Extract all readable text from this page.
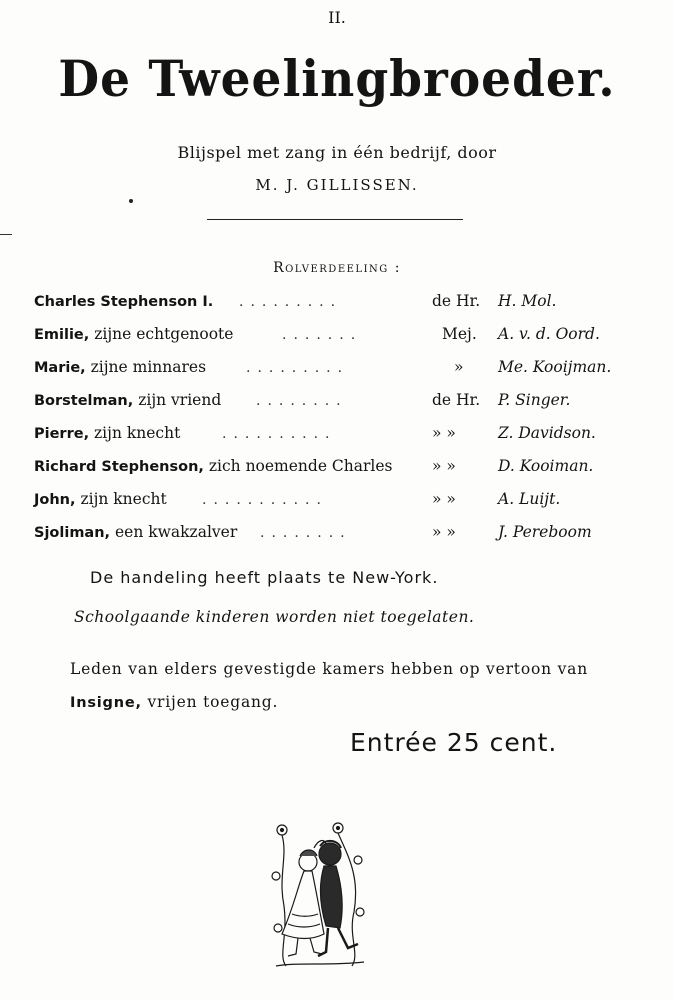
II.
De Tweelingbroeder.
Blijspel met zang in één bedrijf, door
M. J. GILLISSEN.
Rolverdeeling :
Charles Stephenson I. .........	de Hr. H. Mol.
Emilie, zijne echtgenoote	.......	Mej. A. v. d. Oord.
Marie, zijne minnares	.........	» Me. Kooijman.
Borstelman, zijn vriend ........	de Hr. P. Singer.
Pierre, zijn knecht	..........	» »	Z. Davidson.
Richard Stephenson, zich noemende Charles	» »	D. Kooiman.
John, zijn knecht	...........	» »	A. Luijt.
Sjoliman, een kwakzalver ........	» »	J. Pereboom
De handeling heeft plaats te New-York.
Schoolgaande kinderen worden niet toegelaten.
Leden van elders gevestigde kamers hebben op vertoon van
Insigne, vrijen toegang.
Entrée 25 cent.
